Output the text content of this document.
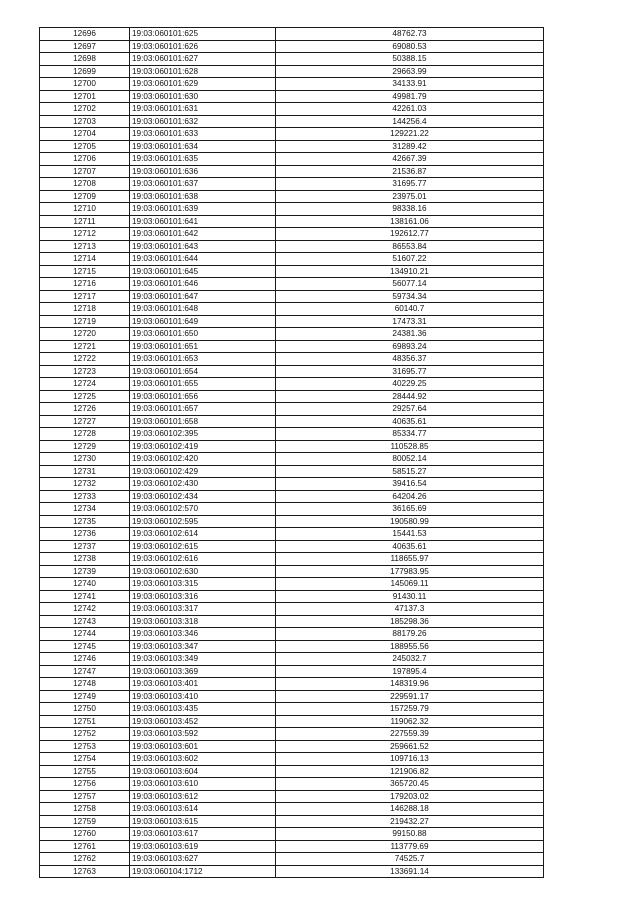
12696	19:03:060101:625	48762.73
12697	19:03:060101:626	69080.53
12698	19:03:060101:627	50388.15
12699	19:03:060101:628	29663.99
12700	19:03:060101:629	34133.91
12701	19:03:060101:630	49981.79
12702	19:03:060101:631	42261.03
12703	19:03:060101:632	144256.4
12704	19:03:060101:633	129221.22
12705	19:03:060101:634	31289.42
12706	19:03:060101:635	42667.39
12707	19:03:060101:636	21536.87
12708	19:03:060101:637	31695.77
12709	19:03:060101:638	23975.01
12710	19:03:060101:639	98338.16
12711	19:03:060101:641	138161.06
12712	19:03:060101:642	192612.77
12713	19:03:060101:643	86553.84
12714	19:03:060101:644	51607.22
12715	19:03:060101:645	134910.21
12716	19:03:060101:646	56077.14
12717	19:03:060101:647	59734.34
12718	19:03:060101:648	60140.7
12719	19:03:060101:649	17473.31
12720	19:03:060101:650	24381.36
12721	19:03:060101:651	69893.24
12722	19:03:060101:653	48356.37
12723	19:03:060101:654	31695.77
12724	19:03:060101:655	40229.25
12725	19:03:060101:656	28444.92
12726	19:03:060101:657	29257.64
12727	19:03:060101:658	40635.61
12728	19:03:060102:395	85334.77
12729	19:03:060102:419	110528.85
12730	19:03:060102:420	80052.14
12731	19:03:060102:429	58515.27
12732	19:03:060102:430	39416.54
12733	19:03:060102:434	64204.26
12734	19:03:060102:570	36165.69
12735	19:03:060102:595	190580.99
12736	19:03:060102:614	15441.53
12737	19:03:060102:615	40635.61
12738	19:03:060102:616	118655.97
12739	19:03:060102:630	177983.95
12740	19:03:060103:315	145069.11
12741	19:03:060103:316	91430.11
12742	19:03:060103:317	47137.3
12743	19:03:060103:318	185298.36
12744	19:03:060103:346	88179.26
12745	19:03:060103:347	188955.56
12746	19:03:060103:349	245032.7
12747	19:03:060103:369	197895.4
12748	19:03:060103:401	148319.96
12749	19:03:060103:410	229591.17
12750	19:03:060103:435	157259.79
12751	19:03:060103:452	119062.32
12752	19:03:060103:592	227559.39
12753	19:03:060103:601	259661.52
12754	19:03:060103:602	109716.13
12755	19:03:060103:604	121906.82
12756	19:03:060103:610	365720.45
12757	19:03:060103:612	179203.02
12758	19:03:060103:614	146288.18
12759	19:03:060103:615	219432.27
12760	19:03:060103:617	99150.88
12761	19:03:060103:619	113779.69
12762	19:03:060103:627	74525.7
12763	19:03:060104:1712	133691.14
